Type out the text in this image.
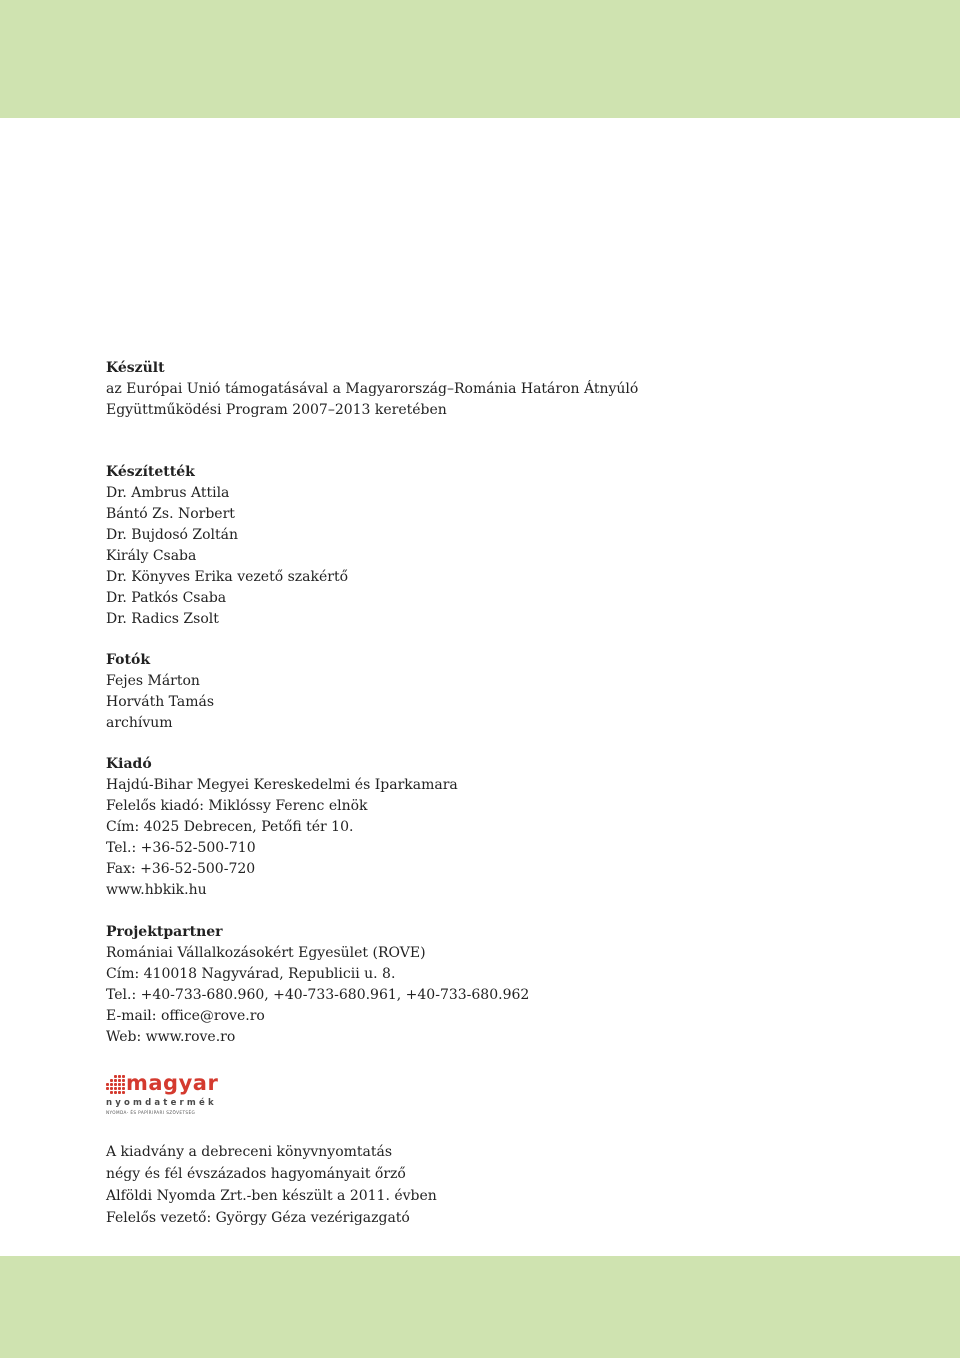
Készült
az Európai Unió támogatásával a Magyarország–Románia Határon Átnyúló
Együttműködési Program 2007–2013 keretében
Készítették
Dr. Ambrus Attila
Bántó Zs. Norbert
Dr. Bujdosó Zoltán
Király Csaba
Dr. Könyves Erika vezető szakértő
Dr. Patkós Csaba
Dr. Radics Zsolt
Fotók
Fejes Márton
Horváth Tamás
archívum
Kiadó
Hajdú-Bihar Megyei Kereskedelmi és Iparkamara
Felelős kiadó: Miklóssy Ferenc elnök
Cím: 4025 Debrecen, Petőfi tér 10.
Tel.: +36-52-500-710
Fax: +36-52-500-720
www.hbkik.hu
Projektpartner
Romániai Vállalkozásokért Egyesület (ROVE)
Cím: 410018 Nagyvárad, Republicii u. 8.
Tel.: +40-733-680.960, +40-733-680.961, +40-733-680.962
E-mail: office@rove.ro
Web: www.rove.ro
magyar
nyomdatermék
NYOMDA- ÉS PAPÍRIPARI SZÖVETSÉG
A kiadvány a debreceni könyvnyomtatás
négy és fél évszázados hagyományait őrző
Alföldi Nyomda Zrt.-ben készült a 2011. évben
Felelős vezető: György Géza vezérigazgató
